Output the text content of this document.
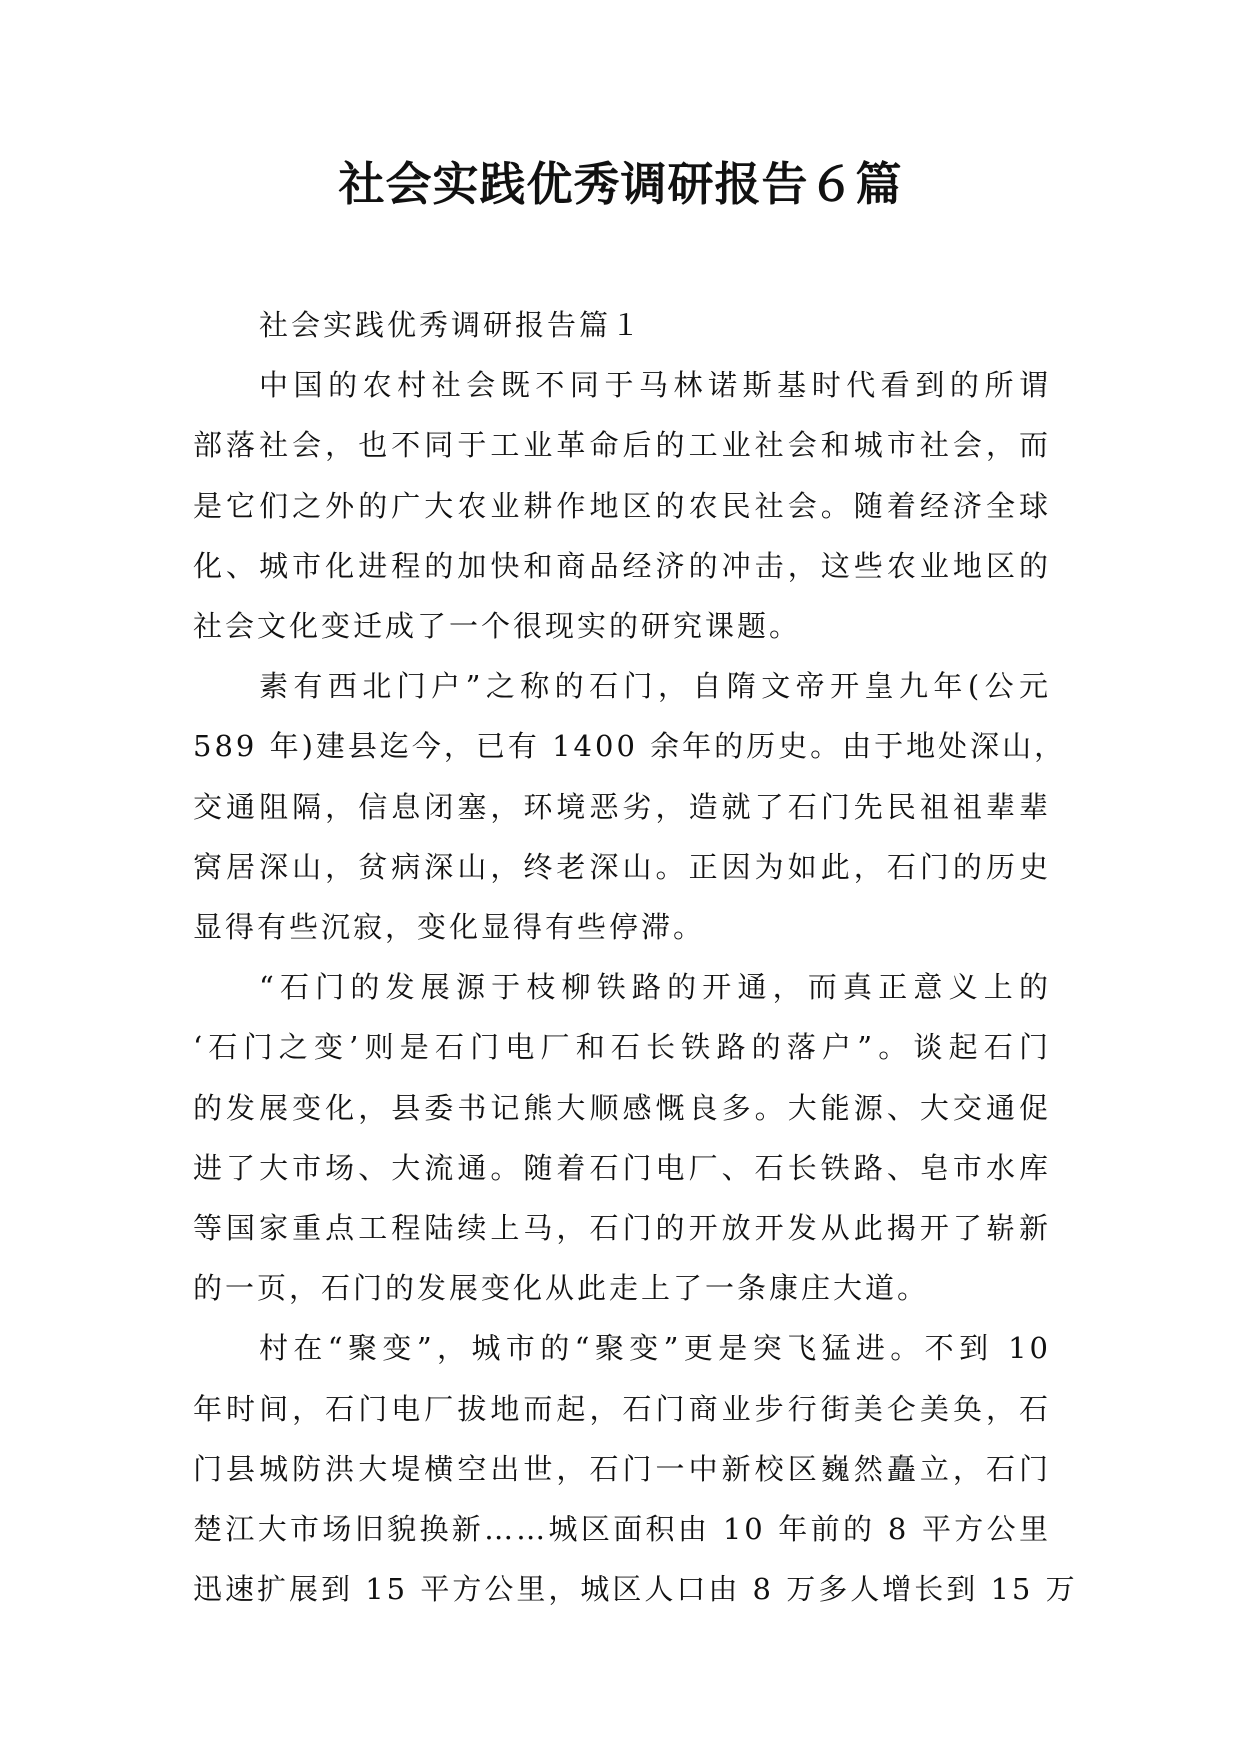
社会实践优秀调研报告６篇
社会实践优秀调研报告篇１
中国的农村社会既不同于马林诺斯基时代看到的所谓
部落社会，也不同于工业革命后的工业社会和城市社会，而
是它们之外的广大农业耕作地区的农民社会。随着经济全球
化、城市化进程的加快和商品经济的冲击，这些农业地区的
社会文化变迁成了一个很现实的研究课题。
素有西北门户”之称的石门，自隋文帝开皇九年(公元
589 年)建县迄今，已有 1400 余年的历史。由于地处深山，
交通阻隔，信息闭塞，环境恶劣，造就了石门先民祖祖辈辈
窝居深山，贫病深山，终老深山。正因为如此，石门的历史
显得有些沉寂，变化显得有些停滞。
“石门的发展源于枝柳铁路的开通，而真正意义上的
‘石门之变’则是石门电厂和石长铁路的落户”。谈起石门
的发展变化，县委书记熊大顺感慨良多。大能源、大交通促
进了大市场、大流通。随着石门电厂、石长铁路、皂市水库
等国家重点工程陆续上马，石门的开放开发从此揭开了崭新
的一页，石门的发展变化从此走上了一条康庄大道。
村在“聚变”，城市的“聚变”更是突飞猛进。不到 10
年时间，石门电厂拔地而起，石门商业步行街美仑美奂，石
门县城防洪大堤横空出世，石门一中新校区巍然矗立，石门
楚江大市场旧貌换新……城区面积由 10 年前的 8 平方公里
迅速扩展到 15 平方公里，城区人口由 8 万多人增长到 15 万
